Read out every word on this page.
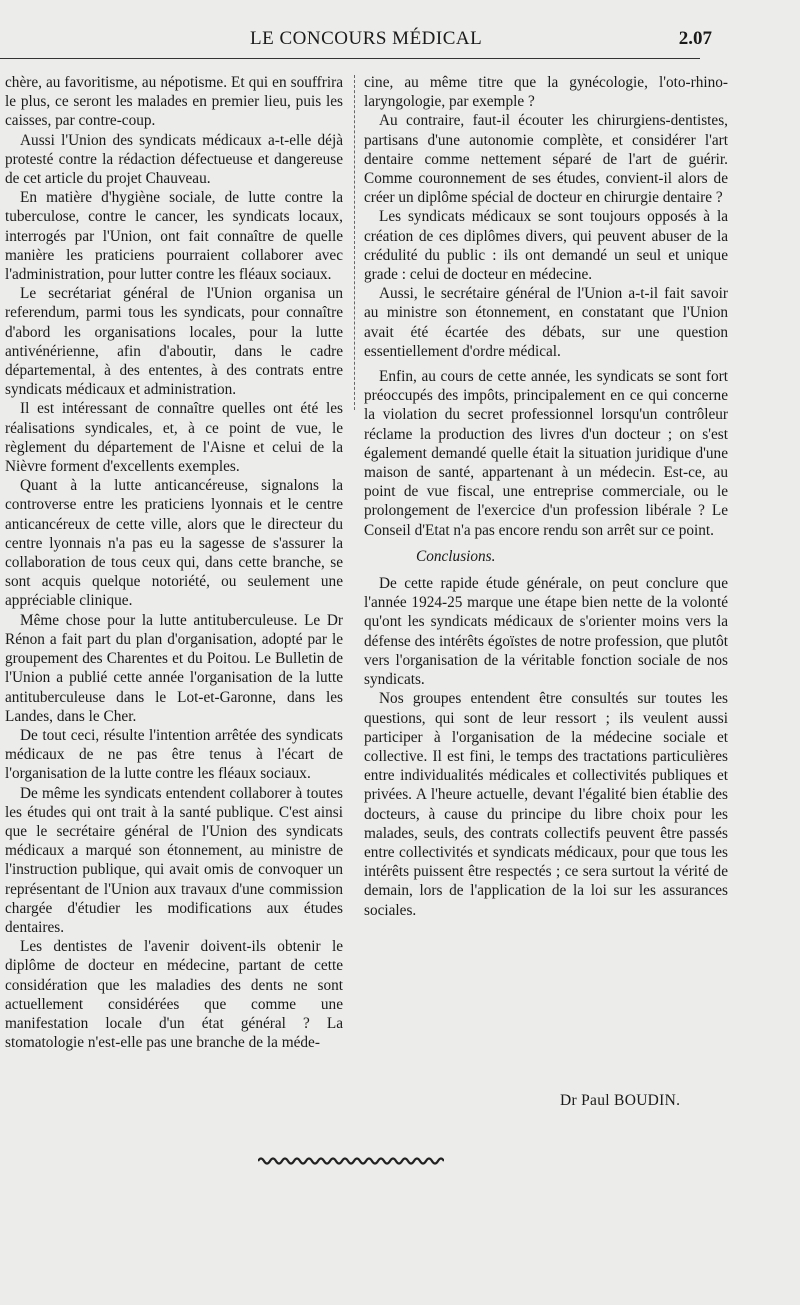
LE CONCOURS MÉDICAL	2.07

chère, au favoritisme, au népotisme. Et qui en souffrira le plus, ce seront les malades en premier lieu, puis les caisses, par contre-coup.

Aussi l'Union des syndicats médicaux a-t-elle déjà protesté contre la rédaction défectueuse et dangereuse de cet article du projet Chauveau.

En matière d'hygiène sociale, de lutte contre la tuberculose, contre le cancer, les syndicats locaux, interrogés par l'Union, ont fait connaître de quelle manière les praticiens pourraient collaborer avec l'administration, pour lutter contre les fléaux sociaux.

Le secrétariat général de l'Union organisa un referendum, parmi tous les syndicats, pour connaître d'abord les organisations locales, pour la lutte antivénérienne, afin d'aboutir, dans le cadre départemental, à des ententes, à des contrats entre syndicats médicaux et administration.

Il est intéressant de connaître quelles ont été les réalisations syndicales, et, à ce point de vue, le règlement du département de l'Aisne et celui de la Nièvre forment d'excellents exemples.

Quant à la lutte anticancéreuse, signalons la controverse entre les praticiens lyonnais et le centre anticancéreux de cette ville, alors que le directeur du centre lyonnais n'a pas eu la sagesse de s'assurer la collaboration de tous ceux qui, dans cette branche, se sont acquis quelque notoriété, ou seulement une appréciable clinique.

Même chose pour la lutte antituberculeuse. Le Dr Rénon a fait part du plan d'organisation, adopté par le groupement des Charentes et du Poitou. Le Bulletin de l'Union a publié cette année l'organisation de la lutte antituberculeuse dans le Lot-et-Garonne, dans les Landes, dans le Cher.

De tout ceci, résulte l'intention arrêtée des syndicats médicaux de ne pas être tenus à l'écart de l'organisation de la lutte contre les fléaux sociaux.

De même les syndicats entendent collaborer à toutes les études qui ont trait à la santé publique. C'est ainsi que le secrétaire général de l'Union des syndicats médicaux a marqué son étonnement, au ministre de l'instruction publique, qui avait omis de convoquer un représentant de l'Union aux travaux d'une commission chargée d'étudier les modifications aux études dentaires.

Les dentistes de l'avenir doivent-ils obtenir le diplôme de docteur en médecine, partant de cette considération que les maladies des dents ne sont actuellement considérées que comme une manifestation locale d'un état général ? La stomatologie n'est-elle pas une branche de la méde-

cine, au même titre que la gynécologie, l'oto-rhino-laryngologie, par exemple ?

Au contraire, faut-il écouter les chirurgiens-dentistes, partisans d'une autonomie complète, et considérer l'art dentaire comme nettement séparé de l'art de guérir. Comme couronnement de ses études, convient-il alors de créer un diplôme spécial de docteur en chirurgie dentaire ?

Les syndicats médicaux se sont toujours opposés à la création de ces diplômes divers, qui peuvent abuser de la crédulité du public : ils ont demandé un seul et unique grade : celui de docteur en médecine.

Aussi, le secrétaire général de l'Union a-t-il fait savoir au ministre son étonnement, en constatant que l'Union avait été écartée des débats, sur une question essentiellement d'ordre médical.

Enfin, au cours de cette année, les syndicats se sont fort préoccupés des impôts, principalement en ce qui concerne la violation du secret professionnel lorsqu'un contrôleur réclame la production des livres d'un docteur ; on s'est également demandé quelle était la situation juridique d'une maison de santé, appartenant à un médecin. Est-ce, au point de vue fiscal, une entreprise commerciale, ou le prolongement de l'exercice d'un profession libérale ? Le Conseil d'Etat n'a pas encore rendu son arrêt sur ce point.

Conclusions.

De cette rapide étude générale, on peut conclure que l'année 1924-25 marque une étape bien nette de la volonté qu'ont les syndicats médicaux de s'orienter moins vers la défense des intérêts égoïstes de notre profession, que plutôt vers l'organisation de la véritable fonction sociale de nos syndicats.

Nos groupes entendent être consultés sur toutes les questions, qui sont de leur ressort ; ils veulent aussi participer à l'organisation de la médecine sociale et collective. Il est fini, le temps des tractations particulières entre individualités médicales et collectivités publiques et privées. A l'heure actuelle, devant l'égalité bien établie des docteurs, à cause du principe du libre choix pour les malades, seuls, des contrats collectifs peuvent être passés entre collectivités et syndicats médicaux, pour que tous les intérêts puissent être respectés ; ce sera surtout la vérité de demain, lors de l'application de la loi sur les assurances sociales.

Dr Paul BOUDIN.
